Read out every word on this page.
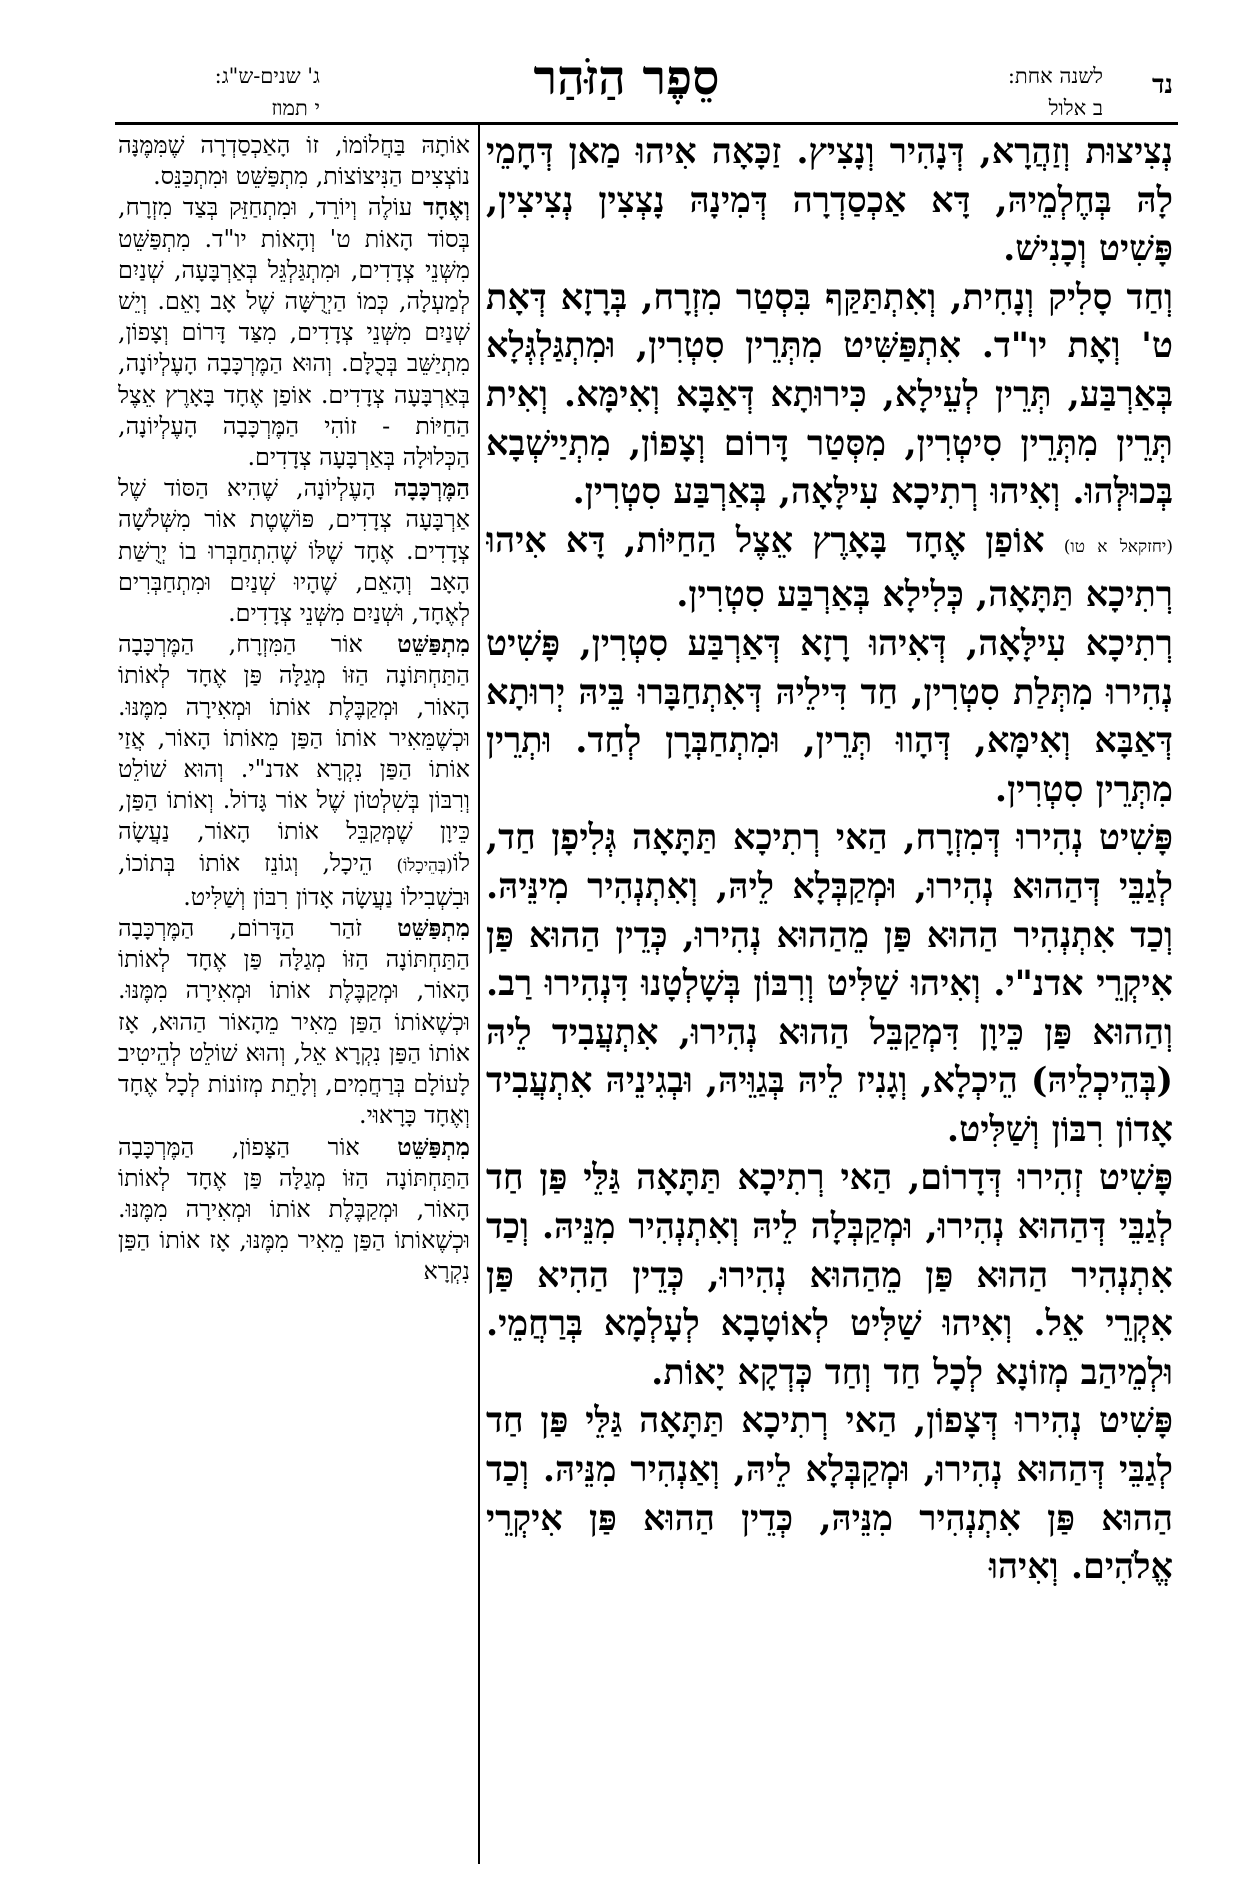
נד
לשנה אחת:
ב אלול
סֵפֶר הַזֹּהַר
ג' שנים-ש"ג:
י תמוז

נְצִיצוּת וְזַהֲרָא, דְּנָהִיר וְנָצִיץ. זַכָּאָה אִיהוּ מַאן דְּחָמֵי לָהּ בְּחֶלְמֵיהּ, דָּא אַכְסַדְרָה דְּמִינָהּ נָצְצִין נְצִיצִין, פָּשִׁיט וְכָנִישׁ.

וְחַד סָלִיק וְנָחִית, וְאִתְתַּקַּף בִּסְטַר מִזְרָח, בְּרָזָא דְּאָת ט' וְאָת יו"ד. אִתְפַּשִּׁיט מִתְּרֵין סִטְרִין, וּמִתְגַּלְגְּלָא בְּאַרְבַּע, תְּרֵין לְעֵילָא, כִּירוּתָא דְּאַבָּא וְאִימָּא. וְאִית תְּרֵין מִתְּרֵין סִיטְרִין, מִסְּטַר דָּרוֹם וְצָפוֹן, מִתְיַישְׁבָא בְּכוּלְּהוּ. וְאִיהוּ רְתִיכָא עִילָּאָה, בְּאַרְבַּע סִטְרִין.

(יחזקאל א טו) אוֹפַן אֶחָד בָּאָרֶץ אֵצֶל הַחַיּוֹת, דָּא אִיהוּ רְתִיכָא תַּתָּאָה, כְּלִילָא בְּאַרְבַּע סִטְרִין.

רְתִיכָא עִילָּאָה, דְּאִיהוּ רָזָא דְּאַרְבַּע סִטְרִין, פָּשִׁיט נְהִירוּ מִתְּלַת סִטְרִין, חַד דִּילֵיהּ דְּאִתְחַבָּרוּ בֵּיהּ יְרוּתָא דְּאַבָּא וְאִימָּא, דְּהָווּ תְּרֵין, וּמִתְחַבְּרָן לְחַד. וּתְרֵין מִתְּרֵין סִטְרִין.

פָּשִׁיט נְהִירוּ דְּמִזְרָח, הַאי רְתִיכָא תַּתָּאָה גְּלִיפָן חַד, לְגַבֵּי דְּהַהוּא נְהִירוּ, וּמְקַבְּלָא לֵיהּ, וְאִתְנְהִיר מִינֵּיהּ. וְכַד אִתְנְהִיר הַהוּא פַּן מֵהַהוּא נְהִירוּ, כְּדֵין הַהוּא פַּן אִיקְרֵי אדנ"י. וְאִיהוּ שַׁלִּיט וְרִבּוֹן בְּשָׁלְטָנוּ דִּנְהִירוּ רַב. וְהַהוּא פַּן כֵּיוָן דִּמְקַבֵּל הַהוּא נְהִירוּ, אִתְעֲבִיד לֵיהּ (בְּהֵיכְלֵיהּ) הֵיכְלָא, וְגָנִיז לֵיהּ בְּגַוֵּיהּ, וּבְגִינֵיהּ אִתְעֲבִיד אָדוֹן רִבּוֹן וְשַׁלִּיט.

פָּשִׁיט זְהִירוּ דְּדָרוֹם, הַאי רְתִיכָא תַּתָּאָה גַּלֵּי פַּן חַד לְגַבֵּי דְּהַהוּא נְהִירוּ, וּמְקַבְּלָה לֵיהּ וְאִתְנְהִיר מִנֵּיהּ. וְכַד אִתְנְהִיר הַהוּא פַּן מֵהַהוּא נְהִירוּ, כְּדֵין הַהִיא פַּן אִקְרֵי אֵל. וְאִיהוּ שַׁלִּיט לְאוֹטָבָא לְעָלְמָא בְּרַחֲמֵי. וּלְמֵיהַב מְזוֹנָא לְכָל חַד וְחַד כְּדְקָא יָאוֹת.

פָּשִׁיט נְהִירוּ דְּצָפוֹן, הַאי רְתִיכָא תַּתָּאָה גַּלֵּי פַּן חַד לְגַבֵּי דְּהַהוּא נְהִירוּ, וּמְקַבְּלָא לֵיהּ, וְאַנְהִיר מִנֵּיהּ. וְכַד הַהוּא פַּן אִתְנְהִיר מִנֵּיהּ, כְּדֵין הַהוּא פַּן אִיקְרֵי אֱלֹהִים. וְאִיהוּ

אוֹתָהּ בַּחֲלוֹמוֹ, זוֹ הָאַכְסַדְרָה שֶׁמִּמֶּנָּה נוֹצְצִים הַנִּיצוֹצוֹת, מִתְפַּשֵּׁט וּמִתְכַּנֵּס.

וְאֶחָד עוֹלֶה וְיוֹרֵד, וּמִתְחַזֵּק בְּצַד מִזְרָח, בְּסוֹד הָאוֹת ט' וְהָאוֹת יו"ד. מִתְפַּשֵּׁט מִשְּׁנֵי צְדָדִים, וּמִתְגַּלְגֵּל בְּאַרְבָּעָה, שְׁנַיִם לְמַעְלָה, כְּמוֹ הַיְרֻשָּׁה שֶׁל אָב וָאֵם. וְיֵשׁ שְׁנַיִם מִשְּׁנֵי צְדָדִים, מִצַּד דָּרוֹם וְצָפוֹן, מִתְיַשֵּׁב בְּכֻלָּם. וְהוּא הַמֶּרְכָּבָה הָעֶלְיוֹנָה, בְּאַרְבָּעָה צְדָדִים. אוֹפַן אֶחָד בָּאָרֶץ אֵצֶל הַחַיּוֹת - זוֹהִי הַמֶּרְכָּבָה הָעֶלְיוֹנָה, הַכְּלוּלָה בְּאַרְבָּעָה צְדָדִים.

הַמֶּרְכָּבָה הָעֶלְיוֹנָה, שֶׁהִיא הַסּוֹד שֶׁל אַרְבָּעָה צְדָדִים, פּוֹשֶׁטֶת אוֹר מִשְּׁלֹשָׁה צְדָדִים. אֶחָד שֶׁלּוֹ שֶׁהִתְחַבְּרוּ בוֹ יְרֻשַּׁת הָאָב וְהָאֵם, שֶׁהָיוּ שְׁנַיִם וּמִתְחַבְּרִים לְאֶחָד, וּשְׁנַיִם מִשְּׁנֵי צְדָדִים.

מִתְפַּשֵּׁט אוֹר הַמִּזְרָח, הַמֶּרְכָּבָה הַתַּחְתּוֹנָה הַזּוֹ מְגַלָּה פַּן אֶחָד לְאוֹתוֹ הָאוֹר, וּמְקַבֶּלֶת אוֹתוֹ וּמְאִירָה מִמֶּנּוּ. וּכְשֶׁמֵּאִיר אוֹתוֹ הַפַּן מֵאוֹתוֹ הָאוֹר, אֲזַי אוֹתוֹ הַפַּן נִקְרָא אדנ"י. וְהוּא שׁוֹלֵט וְרִבּוֹן בְּשִׁלְטוֹן שֶׁל אוֹר גָּדוֹל. וְאוֹתוֹ הַפַּן, כֵּיוָן שֶׁמְּקַבֵּל אוֹתוֹ הָאוֹר, נַעֲשָׂה לוֹ(בְּהֵיכָלוֹ) הֵיכָל, וְגוֹנֵז אוֹתוֹ בְּתוֹכוֹ, וּבִשְׁבִילוֹ נַעֲשָׂה אָדוֹן רִבּוֹן וְשַׁלִּיט.

מִתְפַּשֵּׁט זֹהַר הַדָּרוֹם, הַמֶּרְכָּבָה הַתַּחְתּוֹנָה הַזּוֹ מְגַלָּה פַּן אֶחָד לְאוֹתוֹ הָאוֹר, וּמְקַבֶּלֶת אוֹתוֹ וּמְאִירָה מִמֶּנּוּ. וּכְשֶׁאוֹתוֹ הַפַּן מֵאִיר מֵהָאוֹר הַהוּא, אָז אוֹתוֹ הַפַּן נִקְרָא אֵל, וְהוּא שׁוֹלֵט לְהֵיטִיב לָעוֹלָם בְּרַחֲמִים, וְלָתֵת מְזוֹנוֹת לְכָל אֶחָד וְאֶחָד כָּרָאוּי.

מִתְפַּשֵּׁט אוֹר הַצָּפוֹן, הַמֶּרְכָּבָה הַתַּחְתּוֹנָה הַזּוֹ מְגַלָּה פַּן אֶחָד לְאוֹתוֹ הָאוֹר, וּמְקַבֶּלֶת אוֹתוֹ וּמְאִירָה מִמֶּנּוּ. וּכְשֶׁאוֹתוֹ הַפַּן מֵאִיר מִמֶּנּוּ, אָז אוֹתוֹ הַפַּן נִקְרָא
